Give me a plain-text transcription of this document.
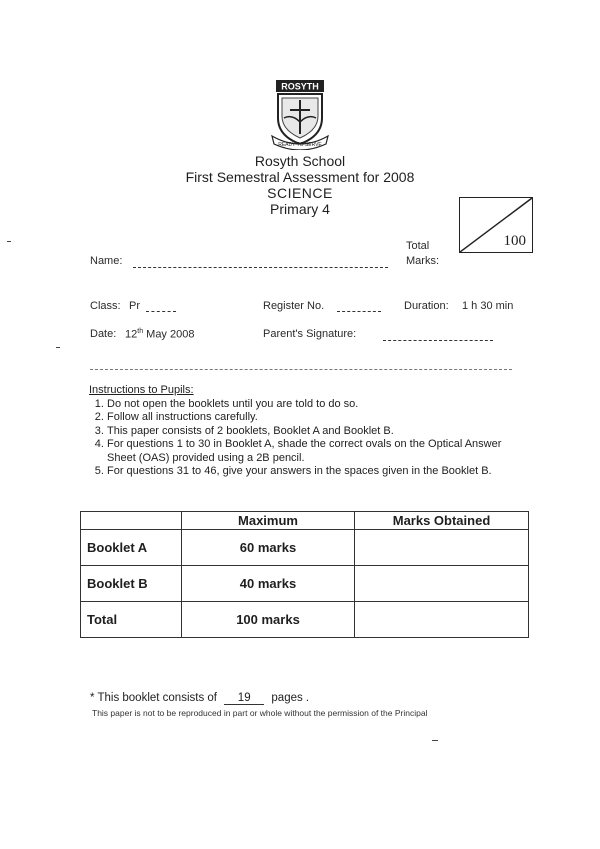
ROSYTH
READY TO SERVE
Rosyth School
First Semestral Assessment for 2008
SCIENCE
Primary 4
Total
Marks:
100
Name:
Class: Pr	Register No.	Duration: 1 h 30 min
Date: 12th May 2008	Parent's Signature:
Instructions to Pupils:
1. Do not open the booklets until you are told to do so.
2. Follow all instructions carefully.
3. This paper consists of 2 booklets, Booklet A and Booklet B.
4. For questions 1 to 30 in Booklet A, shade the correct ovals on the Optical Answer Sheet (OAS) provided using a 2B pencil.
5. For questions 31 to 46, give your answers in the spaces given in the Booklet B.
	Maximum	Marks Obtained
Booklet A	60 marks	
Booklet B	40 marks	
Total	100 marks	
* This booklet consists of 19 pages .
This paper is not to be reproduced in part or whole without the permission of the Principal
